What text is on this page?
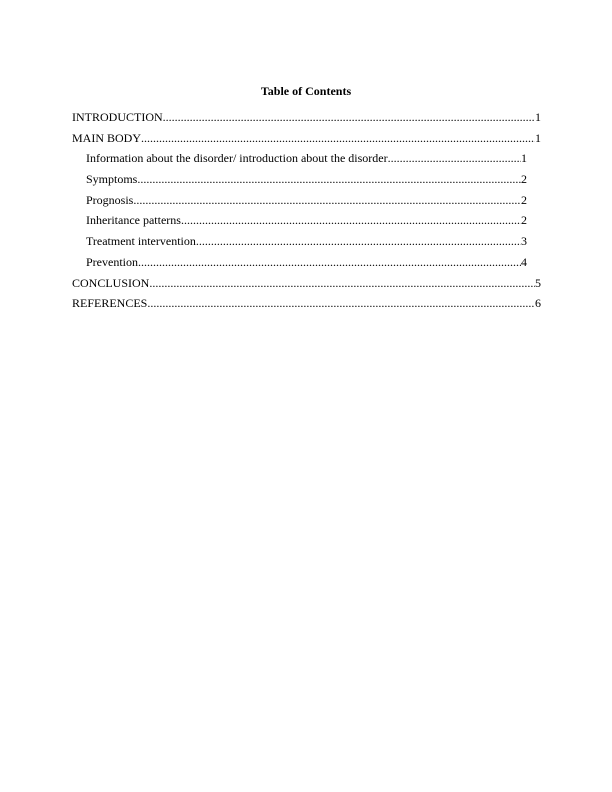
Table of Contents
INTRODUCTION .....	1
MAIN BODY .....	1
Information about the disorder/ introduction about the disorder .....	1
Symptoms .....	2
Prognosis .....	2
Inheritance patterns .....	2
Treatment intervention .....	3
Prevention .....	4
CONCLUSION .....	5
REFERENCES .....	6
